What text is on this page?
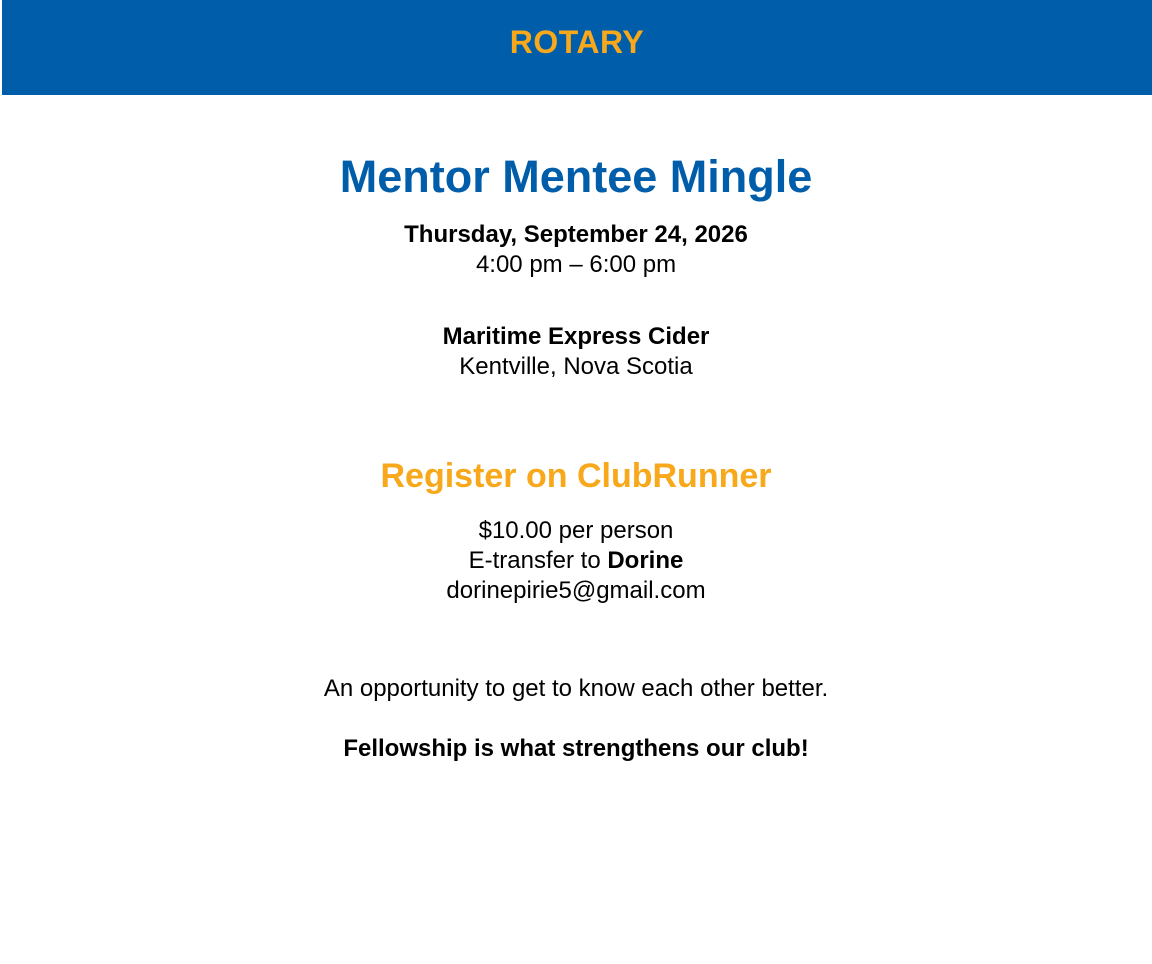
ROTARY
Mentor Mentee Mingle
Thursday, September 24, 2026
4:00 pm – 6:00 pm
Maritime Express Cider
Kentville, Nova Scotia
Register on ClubRunner
$10.00 per person
E-transfer to Dorine
dorinepirie5@gmail.com
An opportunity to get to know each other better.
Fellowship is what strengthens our club!
